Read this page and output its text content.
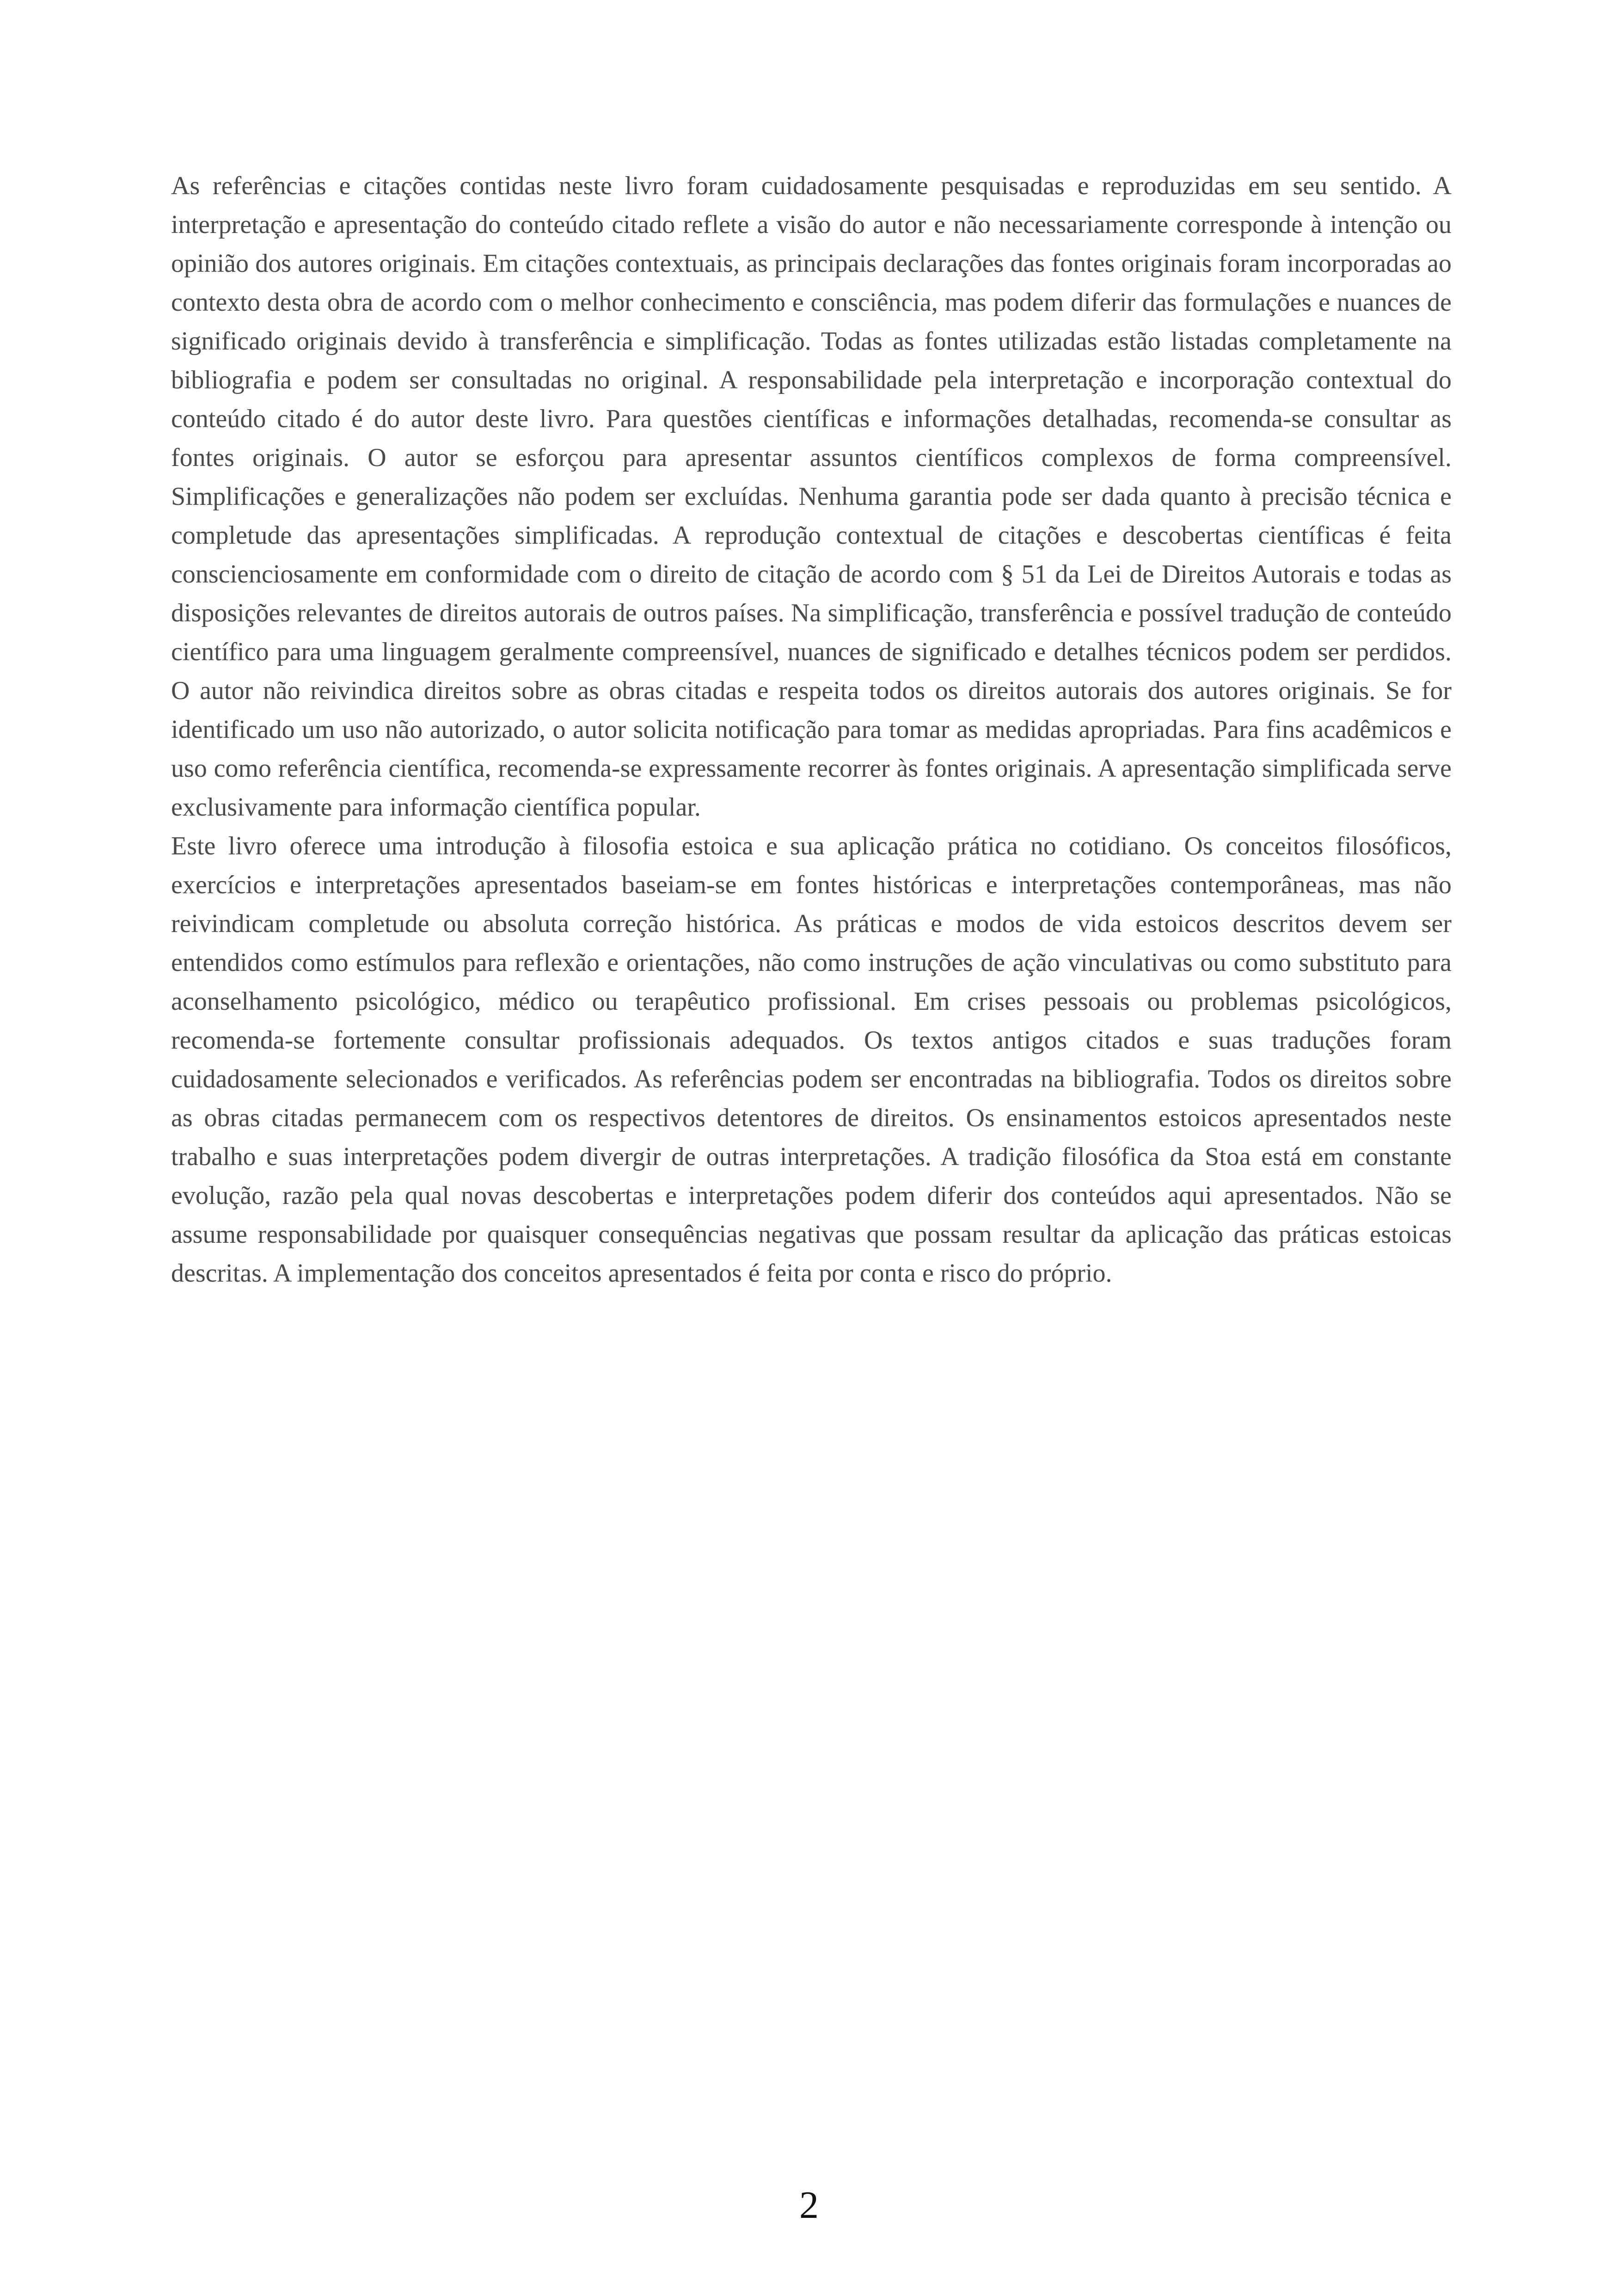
As referências e citações contidas neste livro foram cuidadosamente pesquisadas e reproduzidas em seu sentido. A interpretação e apresentação do conteúdo citado reflete a visão do autor e não necessariamente corresponde à intenção ou opinião dos autores originais. Em citações contextuais, as principais declarações das fontes originais foram incorporadas ao contexto desta obra de acordo com o melhor conhecimento e consciência, mas podem diferir das formulações e nuances de significado originais devido à transferência e simplificação. Todas as fontes utilizadas estão listadas completamente na bibliografia e podem ser consultadas no original. A responsabilidade pela interpretação e incorporação contextual do conteúdo citado é do autor deste livro. Para questões científicas e informações detalhadas, recomenda-se consultar as fontes originais. O autor se esforçou para apresentar assuntos científicos complexos de forma compreensível. Simplificações e generalizações não podem ser excluídas. Nenhuma garantia pode ser dada quanto à precisão técnica e completude das apresentações simplificadas. A reprodução contextual de citações e descobertas científicas é feita conscienciosamente em conformidade com o direito de citação de acordo com § 51 da Lei de Direitos Autorais e todas as disposições relevantes de direitos autorais de outros países. Na simplificação, transferência e possível tradução de conteúdo científico para uma linguagem geralmente compreensível, nuances de significado e detalhes técnicos podem ser perdidos. O autor não reivindica direitos sobre as obras citadas e respeita todos os direitos autorais dos autores originais. Se for identificado um uso não autorizado, o autor solicita notificação para tomar as medidas apropriadas. Para fins acadêmicos e uso como referência científica, recomenda-se expressamente recorrer às fontes originais. A apresentação simplificada serve exclusivamente para informação científica popular.

Este livro oferece uma introdução à filosofia estoica e sua aplicação prática no cotidiano. Os conceitos filosóficos, exercícios e interpretações apresentados baseiam-se em fontes históricas e interpretações contemporâneas, mas não reivindicam completude ou absoluta correção histórica. As práticas e modos de vida estoicos descritos devem ser entendidos como estímulos para reflexão e orientações, não como instruções de ação vinculativas ou como substituto para aconselhamento psicológico, médico ou terapêutico profissional. Em crises pessoais ou problemas psicológicos, recomenda-se fortemente consultar profissionais adequados. Os textos antigos citados e suas traduções foram cuidadosamente selecionados e verificados. As referências podem ser encontradas na bibliografia. Todos os direitos sobre as obras citadas permanecem com os respectivos detentores de direitos. Os ensinamentos estoicos apresentados neste trabalho e suas interpretações podem divergir de outras interpretações. A tradição filosófica da Stoa está em constante evolução, razão pela qual novas descobertas e interpretações podem diferir dos conteúdos aqui apresentados. Não se assume responsabilidade por quaisquer consequências negativas que possam resultar da aplicação das práticas estoicas descritas. A implementação dos conceitos apresentados é feita por conta e risco do próprio.

2
